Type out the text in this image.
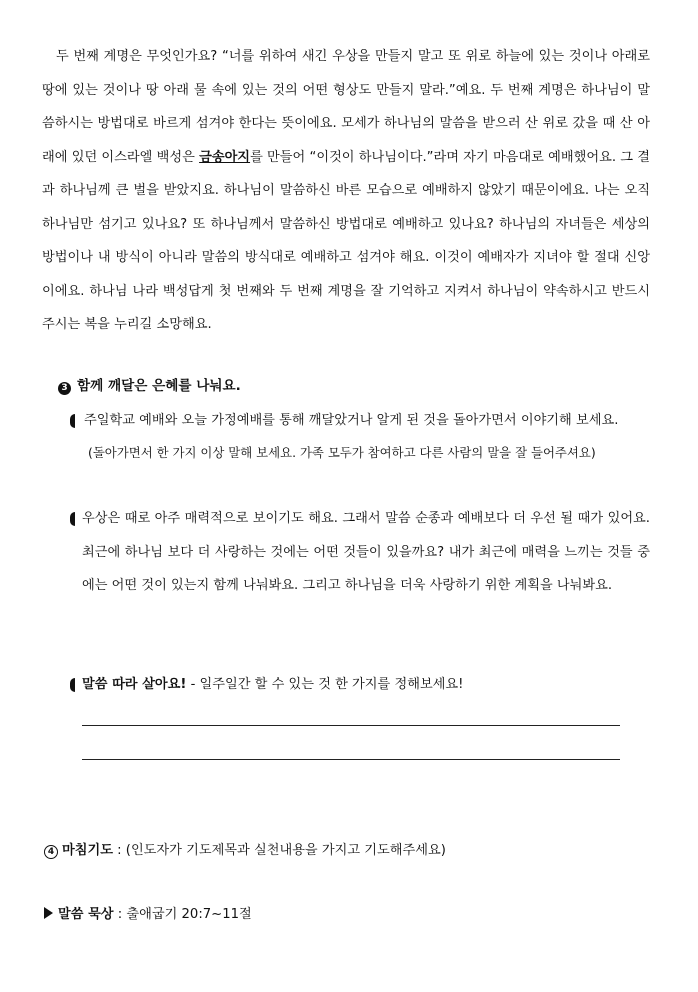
두 번째 계명은 무엇인가요? “너를 위하여 새긴 우상을 만들지 말고 또 위로 하늘에 있는 것이나 아래로 땅에 있는 것이나 땅 아래 물 속에 있는 것의 어떤 형상도 만들지 말라.”예요. 두 번째 계명은 하나님이 말씀하시는 방법대로 바르게 섬겨야 한다는 뜻이에요. 모세가 하나님의 말씀을 받으러 산 위로 갔을 때 산 아래에 있던 이스라엘 백성은 금송아지를 만들어 “이것이 하나님이다.”라며 자기 마음대로 예배했어요. 그 결과 하나님께 큰 벌을 받았지요. 하나님이 말씀하신 바른 모습으로 예배하지 않았기 때문이에요. 나는 오직 하나님만 섬기고 있나요? 또 하나님께서 말씀하신 방법대로 예배하고 있나요? 하나님의 자녀들은 세상의 방법이나 내 방식이 아니라 말씀의 방식대로 예배하고 섬겨야 해요. 이것이 예배자가 지녀야 할 절대 신앙이에요. 하나님 나라 백성답게 첫 번째와 두 번째 계명을 잘 기억하고 지켜서 하나님이 약속하시고 반드시 주시는 복을 누리길 소망해요.

3 함께 깨달은 은혜를 나눠요.

주일학교 예배와 오늘 가정예배를 통해 깨달았거나 알게 된 것을 돌아가면서 이야기해 보세요.

(돌아가면서 한 가지 이상 말해 보세요. 가족 모두가 참여하고 다른 사람의 말을 잘 들어주셔요)

우상은 때로 아주 매력적으로 보이기도 해요. 그래서 말씀 순종과 예배보다 더 우선 될 때가 있어요. 최근에 하나님 보다 더 사랑하는 것에는 어떤 것들이 있을까요? 내가 최근에 매력을 느끼는 것들 중에는 어떤 것이 있는지 함께 나눠봐요. 그리고 하나님을 더욱 사랑하기 위한 계획을 나눠봐요.
말씀 따라 살아요! - 일주일간 할 수 있는 것 한 가지를 정해보세요!

4 마침기도 : (인도자가 기도제목과 실천내용을 가지고 기도해주세요)

말씀 묵상 : 출애굽기 20:7~11절
